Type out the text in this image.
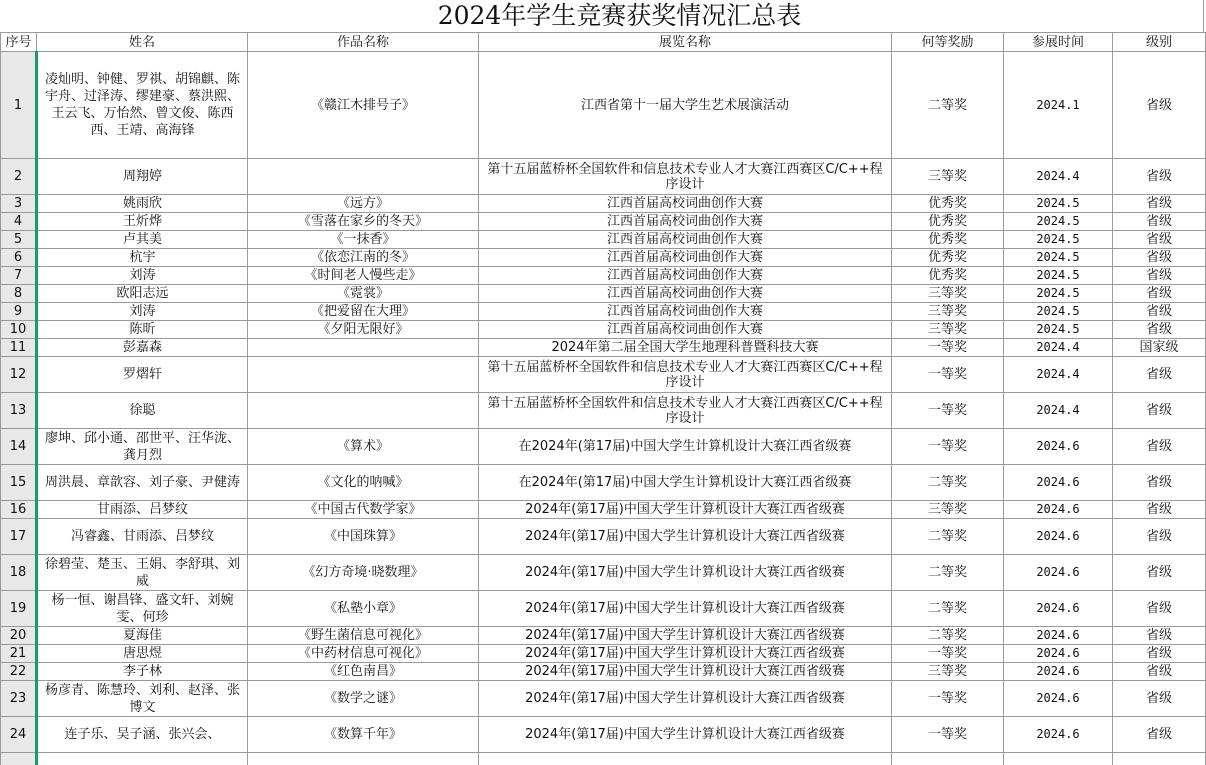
2024年学生竞赛获奖情况汇总表
序号	姓名	作品名称	展览名称	何等奖励	参展时间	级别
1	凌灿明、钟健、罗祺、胡锦麒、陈宇舟、过泽涛、缪建豪、蔡洪熙、王云飞、万怡然、曾文俊、陈西西、王靖、高海锋	《赣江木排号子》	江西省第十一届大学生艺术展演活动	二等奖	2024.1	省级
2	周翔婷		第十五届蓝桥杯全国软件和信息技术专业人才大赛江西赛区C/C++程序设计	三等奖	2024.4	省级
3	姚雨欣	《远方》	江西首届高校词曲创作大赛	优秀奖	2024.5	省级
4	王炘烨	《雪落在家乡的冬天》	江西首届高校词曲创作大赛	优秀奖	2024.5	省级
5	卢其美	《一抹香》	江西首届高校词曲创作大赛	优秀奖	2024.5	省级
6	杭宇	《依恋江南的冬》	江西首届高校词曲创作大赛	优秀奖	2024.5	省级
7	刘涛	《时间老人慢些走》	江西首届高校词曲创作大赛	优秀奖	2024.5	省级
8	欧阳志远	《霓裳》	江西首届高校词曲创作大赛	三等奖	2024.5	省级
9	刘涛	《把爱留在大理》	江西首届高校词曲创作大赛	三等奖	2024.5	省级
10	陈昕	《夕阳无限好》	江西首届高校词曲创作大赛	三等奖	2024.5	省级
11	彭嘉森		2024年第二届全国大学生地理科普暨科技大赛	一等奖	2024.4	国家级
12	罗熠轩		第十五届蓝桥杯全国软件和信息技术专业人才大赛江西赛区C/C++程序设计	一等奖	2024.4	省级
13	徐聪		第十五届蓝桥杯全国软件和信息技术专业人才大赛江西赛区C/C++程序设计	一等奖	2024.4	省级
14	廖坤、邱小通、邵世平、汪华泷、龚月烈	《算术》	在2024年(第17届)中国大学生计算机设计大赛江西省级赛	一等奖	2024.6	省级
15	周洪晨、章歆容、刘子豪、尹健涛	《文化的呐喊》	在2024年(第17届)中国大学生计算机设计大赛江西省级赛	二等奖	2024.6	省级
16	甘雨添、吕梦纹	《中国古代数学家》	2024年(第17届)中国大学生计算机设计大赛江西省级赛	三等奖	2024.6	省级
17	冯睿鑫、甘雨添、吕梦纹	《中国珠算》	2024年(第17届)中国大学生计算机设计大赛江西省级赛	二等奖	2024.6	省级
18	徐碧莹、楚玉、王娟、李舒琪、刘威	《幻方奇境·晓数理》	2024年(第17届)中国大学生计算机设计大赛江西省级赛	二等奖	2024.6	省级
19	杨一恒、谢昌锋、盛文轩、刘婉雯、何珍	《私塾小章》	2024年(第17届)中国大学生计算机设计大赛江西省级赛	二等奖	2024.6	省级
20	夏海佳	《野生菌信息可视化》	2024年(第17届)中国大学生计算机设计大赛江西省级赛	二等奖	2024.6	省级
21	唐思煜	《中药材信息可视化》	2024年(第17届)中国大学生计算机设计大赛江西省级赛	一等奖	2024.6	省级
22	李子林	《红色南昌》	2024年(第17届)中国大学生计算机设计大赛江西省级赛	三等奖	2024.6	省级
23	杨彦青、陈慧玲、刘利、赵泽、张博文	《数学之谜》	2024年(第17届)中国大学生计算机设计大赛江西省级赛	一等奖	2024.6	省级
24	连子乐、吴子涵、张兴会、	《数算千年》	2024年(第17届)中国大学生计算机设计大赛江西省级赛	一等奖	2024.6	省级
